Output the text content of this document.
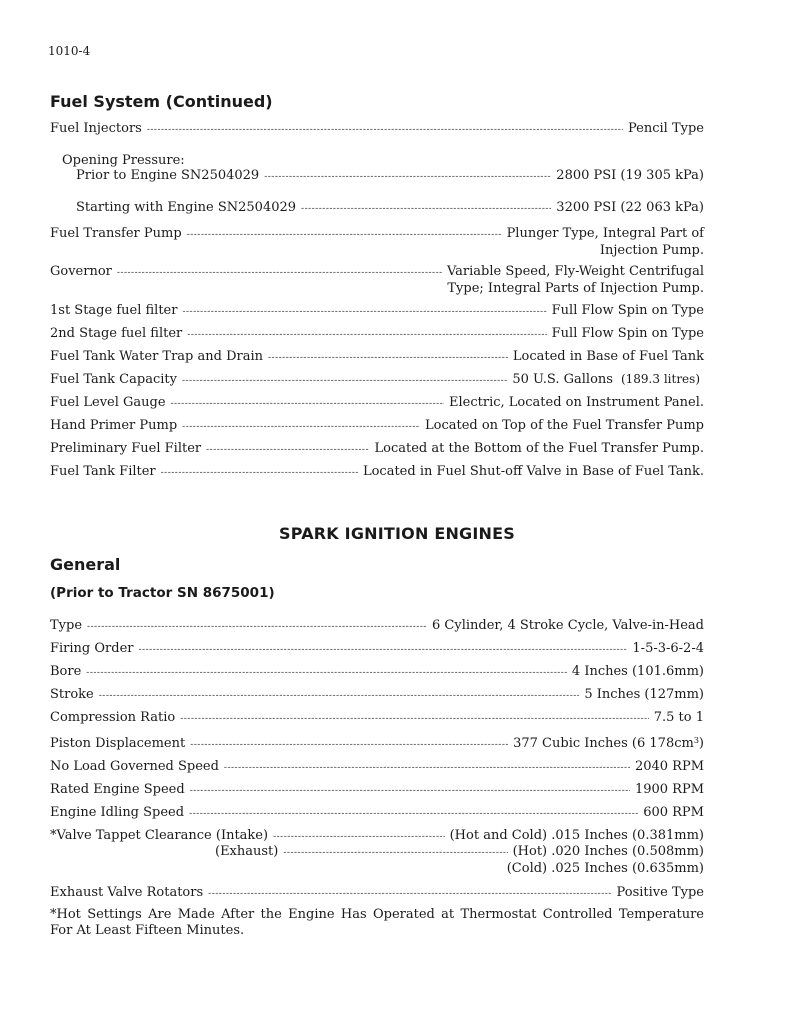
1010-4
Fuel System (Continued)
Fuel Injectors -----	Pencil Type
Opening Pressure:
Prior to Engine SN2504029 -----	2800 PSI (19 305 kPa)
Starting with Engine SN2504029 -----	3200 PSI (22 063 kPa)
Fuel Transfer Pump -----	Plunger Type, Integral Part of
Injection Pump.
Governor -----	Variable Speed, Fly-Weight Centrifugal
Type; Integral Parts of Injection Pump.
1st Stage fuel filter -----	Full Flow Spin on Type
2nd Stage fuel filter -----	Full Flow Spin on Type
Fuel Tank Water Trap and Drain -----	Located in Base of Fuel Tank
Fuel Tank Capacity -----	50 U.S. Gallons (189.3 litres)
Fuel Level Gauge -----	Electric, Located on Instrument Panel.
Hand Primer Pump -----	Located on Top of the Fuel Transfer Pump
Preliminary Fuel Filter -----	Located at the Bottom of the Fuel Transfer Pump.
Fuel Tank Filter -----	Located in Fuel Shut-off Valve in Base of Fuel Tank.
SPARK IGNITION ENGINES
General
(Prior to Tractor SN 8675001)
Type -----	6 Cylinder, 4 Stroke Cycle, Valve-in-Head
Firing Order -----	1-5-3-6-2-4
Bore -----	4 Inches (101.6mm)
Stroke -----	5 Inches (127mm)
Compression Ratio -----	7.5 to 1
Piston Displacement -----	377 Cubic Inches (6 $178cm^3$)
No Load Governed Speed -----	2040 RPM
Rated Engine Speed -----	1900 RPM
Engine Idling Speed -----	600 RPM
*Valve Tappet Clearance (Intake) -----	(Hot and Cold) .015 Inches (0.381mm)
(Exhaust) -----	(Hot) .020 Inches (0.508mm)
(Cold) .025 Inches (0.635mm)
Exhaust Valve Rotators -----	Positive Type
*Hot Settings Are Made After the Engine Has Operated at Thermostat Controlled Temperature For At Least Fifteen Minutes.
